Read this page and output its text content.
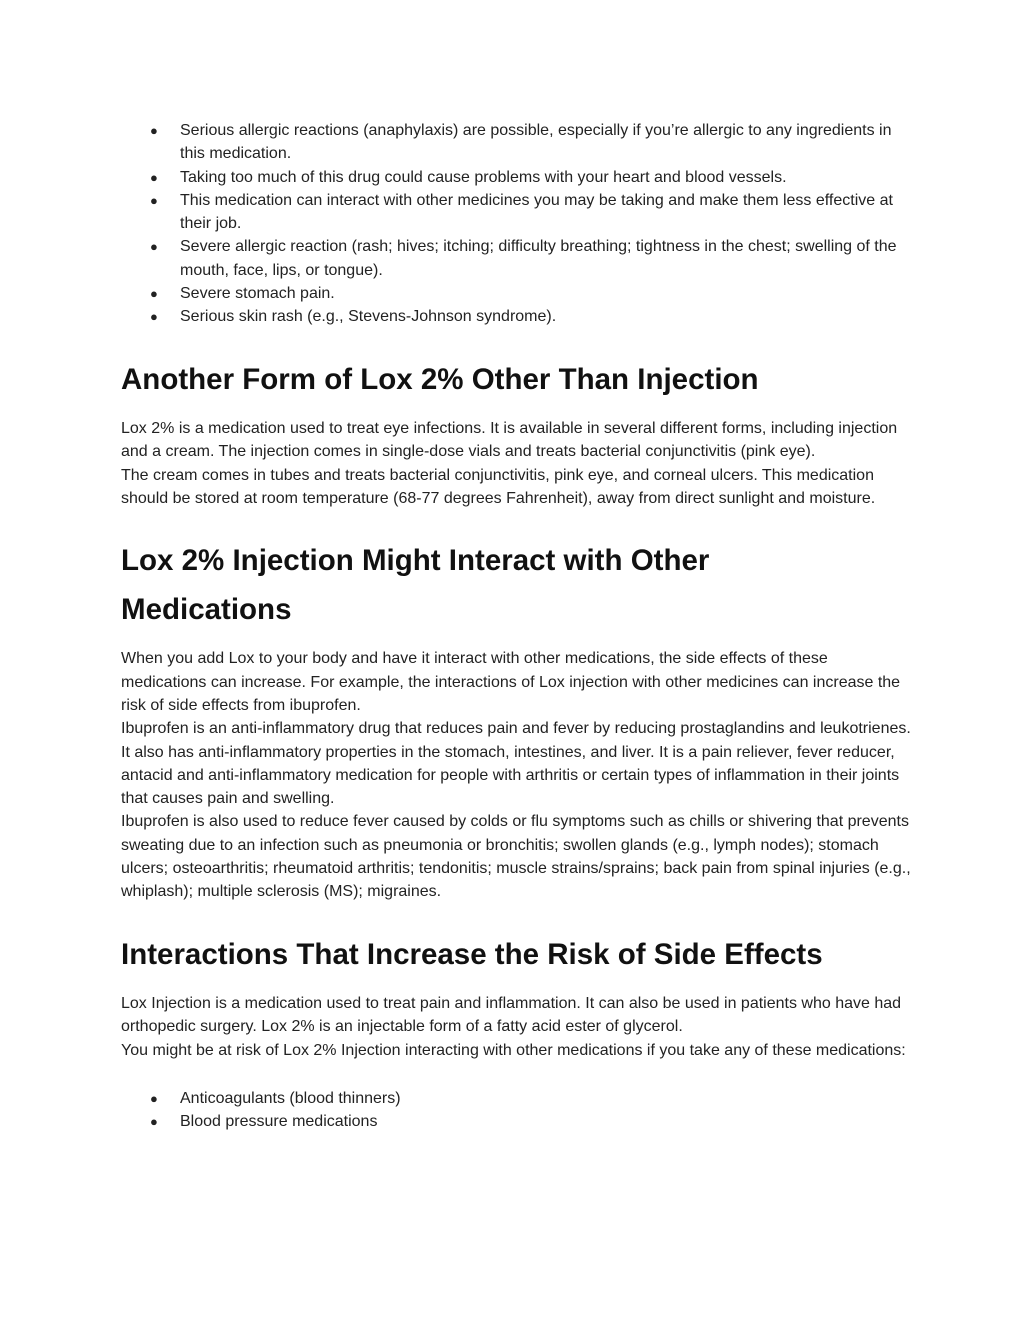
● Serious allergic reactions (anaphylaxis) are possible, especially if you’re allergic to any ingredients in this medication.
● Taking too much of this drug could cause problems with your heart and blood vessels.
● This medication can interact with other medicines you may be taking and make them less effective at their job.
● Severe allergic reaction (rash; hives; itching; difficulty breathing; tightness in the chest; swelling of the mouth, face, lips, or tongue).
● Severe stomach pain.
● Serious skin rash (e.g., Stevens-Johnson syndrome).
Another Form of Lox 2% Other Than Injection

Lox 2% is a medication used to treat eye infections. It is available in several different forms, including injection and a cream. The injection comes in single-dose vials and treats bacterial conjunctivitis (pink eye).

The cream comes in tubes and treats bacterial conjunctivitis, pink eye, and corneal ulcers. This medication should be stored at room temperature (68-77 degrees Fahrenheit), away from direct sunlight and moisture.

Lox 2% Injection Might Interact with Other
Medications

When you add Lox to your body and have it interact with other medications, the side effects of these medications can increase. For example, the interactions of Lox injection with other medicines can increase the risk of side effects from ibuprofen.

Ibuprofen is an anti-inflammatory drug that reduces pain and fever by reducing prostaglandins and leukotrienes.

It also has anti-inflammatory properties in the stomach, intestines, and liver. It is a pain reliever, fever reducer, antacid and anti-inflammatory medication for people with arthritis or certain types of inflammation in their joints that causes pain and swelling.

Ibuprofen is also used to reduce fever caused by colds or flu symptoms such as chills or shivering that prevents sweating due to an infection such as pneumonia or bronchitis; swollen glands (e.g., lymph nodes); stomach ulcers; osteoarthritis; rheumatoid arthritis; tendonitis; muscle strains/sprains; back pain from spinal injuries (e.g., whiplash); multiple sclerosis (MS); migraines.

Interactions That Increase the Risk of Side Effects

Lox Injection is a medication used to treat pain and inflammation. It can also be used in patients who have had orthopedic surgery. Lox 2% is an injectable form of a fatty acid ester of glycerol.

You might be at risk of Lox 2% Injection interacting with other medications if you take any of these medications:

● Anticoagulants (blood thinners)
● Blood pressure medications
